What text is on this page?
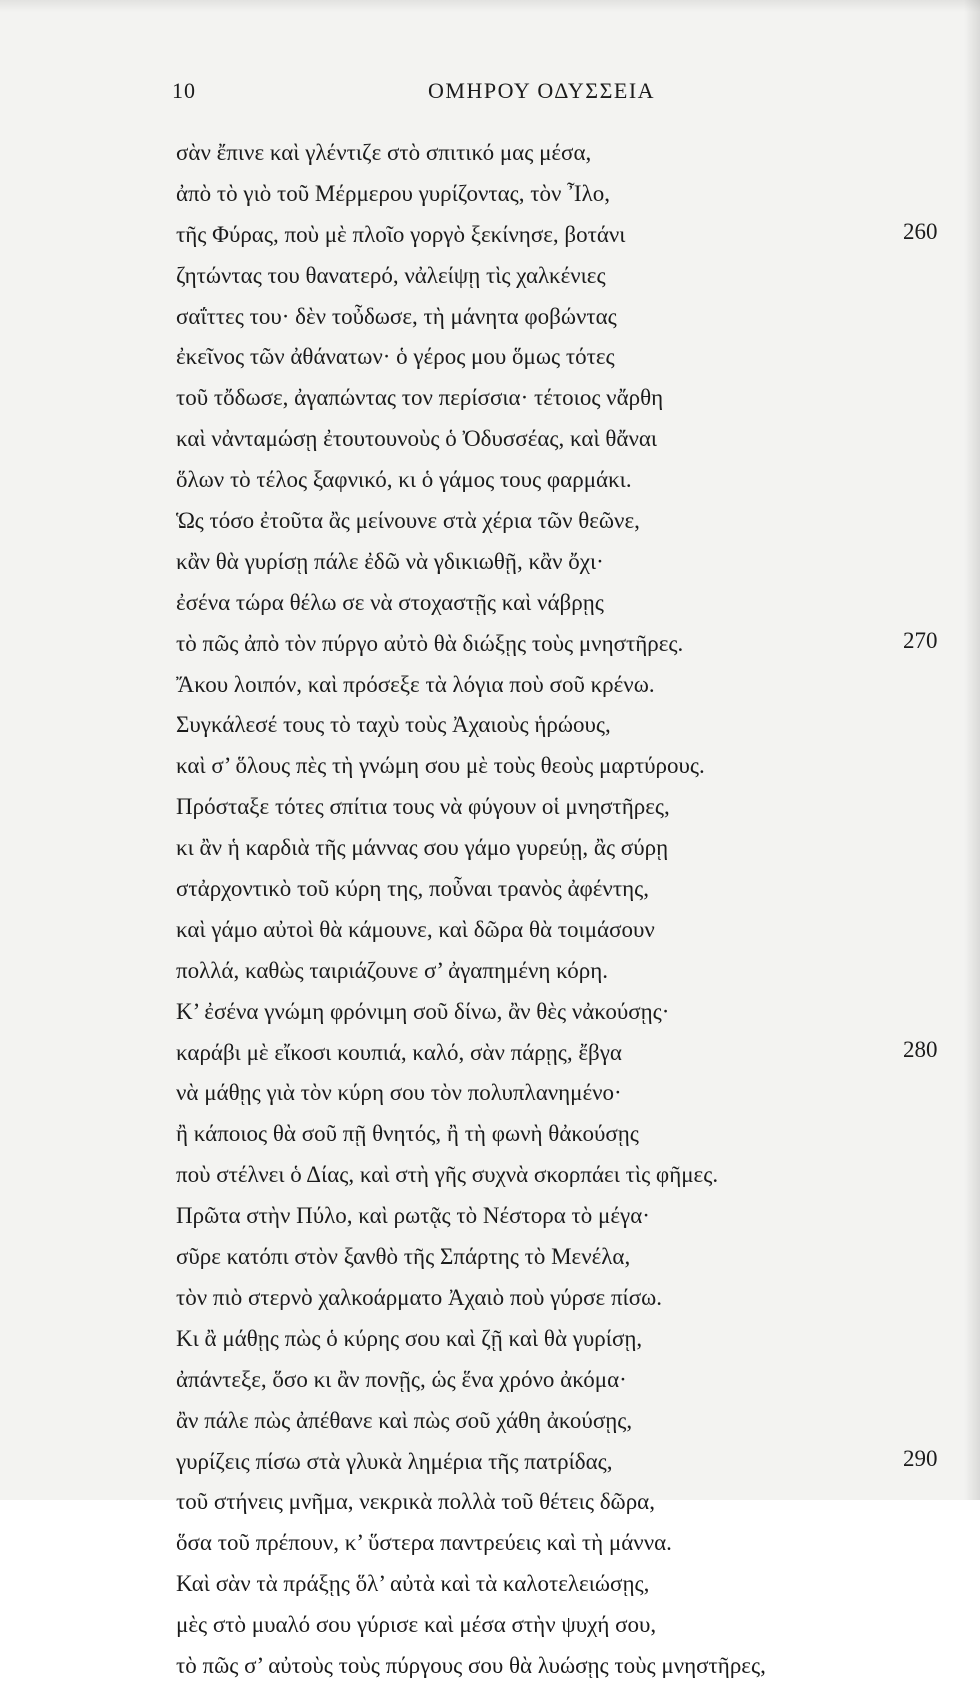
10	ΟΜΗΡΟΥ ΟΔΥΣΣΕΙΑ
σὰν ἔπινε καὶ γλέντιζε στὸ σπιτικό μας μέσα,
ἀπὸ τὸ γιὸ τοῦ Μέρμερου γυρίζοντας, τὸν Ἶλο,
τῆς Φύρας, ποὺ μὲ πλοῖο γοργὸ ξεκίνησε, βοτάνι	260
ζητώντας του θανατερό, νἀλείψῃ τὶς χαλκένιες
σαΐττες του· δὲν τοὖδωσε, τὴ μάνητα φοβώντας
ἐκεῖνος τῶν ἀθάνατων· ὁ γέρος μου ὅμως τότες
τοῦ τὄδωσε, ἀγαπώντας τον περίσσια· τέτοιος νἄρθη
καὶ νἀνταμώσῃ ἐτουτουνοὺς ὁ Ὀδυσσέας, καὶ θἄναι
ὅλων τὸ τέλος ξαφνικό, κι ὁ γάμος τους φαρμάκι.
Ὡς τόσο ἐτοῦτα ἂς μείνουνε στὰ χέρια τῶν θεῶνε,
κἂν θὰ γυρίσῃ πάλε ἐδῶ νὰ γδικιωθῇ, κἂν ὄχι·
ἐσένα τώρα θέλω σε νὰ στοχαστῇς καὶ νάβρῃς
τὸ πῶς ἀπὸ τὸν πύργο αὐτὸ θὰ διώξῃς τοὺς μνηστῆρες.	270
Ἄκου λοιπόν, καὶ πρόσεξε τὰ λόγια ποὺ σοῦ κρένω.
Συγκάλεσέ τους τὸ ταχὺ τοὺς Ἀχαιοὺς ἡρώους,
καὶ σ’ ὅλους πὲς τὴ γνώμη σου μὲ τοὺς θεοὺς μαρτύρους.
Πρόσταξε τότες σπίτια τους νὰ φύγουν οἱ μνηστῆρες,
κι ἂν ἡ καρδιὰ τῆς μάννας σου γάμο γυρεύῃ, ἂς σύρῃ
στἀρχοντικὸ τοῦ κύρη της, ποὖναι τρανὸς ἀφέντης,
καὶ γάμο αὐτοὶ θὰ κάμουνε, καὶ δῶρα θὰ τοιμάσουν
πολλά, καθὼς ταιριάζουνε σ’ ἀγαπημένη κόρη.
Κ’ ἐσένα γνώμη φρόνιμη σοῦ δίνω, ἂν θὲς νἀκούσῃς·
καράβι μὲ εἴκοσι κουπιά, καλό, σὰν πάρῃς, ἔβγα	280
νὰ μάθῃς γιὰ τὸν κύρη σου τὸν πολυπλανημένο·
ἢ κάποιος θὰ σοῦ πῇ θνητός, ἢ τὴ φωνὴ θἀκούσῃς
ποὺ στέλνει ὁ Δίας, καὶ στὴ γῆς συχνὰ σκορπάει τὶς φῆμες.
Πρῶτα στὴν Πύλο, καὶ ρωτᾷς τὸ Νέστορα τὸ μέγα·
σῦρε κατόπι στὸν ξανθὸ τῆς Σπάρτης τὸ Μενέλα,
τὸν πιὸ στερνὸ χαλκοάρματο Ἀχαιὸ ποὺ γύρσε πίσω.
Κι ἂ μάθῃς πὼς ὁ κύρης σου καὶ ζῇ καὶ θὰ γυρίσῃ,
ἀπάντεξε, ὅσο κι ἂν πονῇς, ὡς ἕνα χρόνο ἀκόμα·
ἂν πάλε πὼς ἀπέθανε καὶ πὼς σοῦ χάθη ἀκούσῃς,
γυρίζεις πίσω στὰ γλυκὰ λημέρια τῆς πατρίδας,	290
τοῦ στήνεις μνῆμα, νεκρικὰ πολλὰ τοῦ θέτεις δῶρα,
ὅσα τοῦ πρέπουν, κ’ ὕστερα παντρεύεις καὶ τὴ μάννα.
Καὶ σὰν τὰ πράξῃς ὅλ’ αὐτὰ καὶ τὰ καλοτελειώσῃς,
μὲς στὸ μυαλό σου γύρισε καὶ μέσα στὴν ψυχή σου,
τὸ πῶς σ’ αὐτοὺς τοὺς πύργους σου θὰ λυώσῃς τοὺς μνηστῆρες,
